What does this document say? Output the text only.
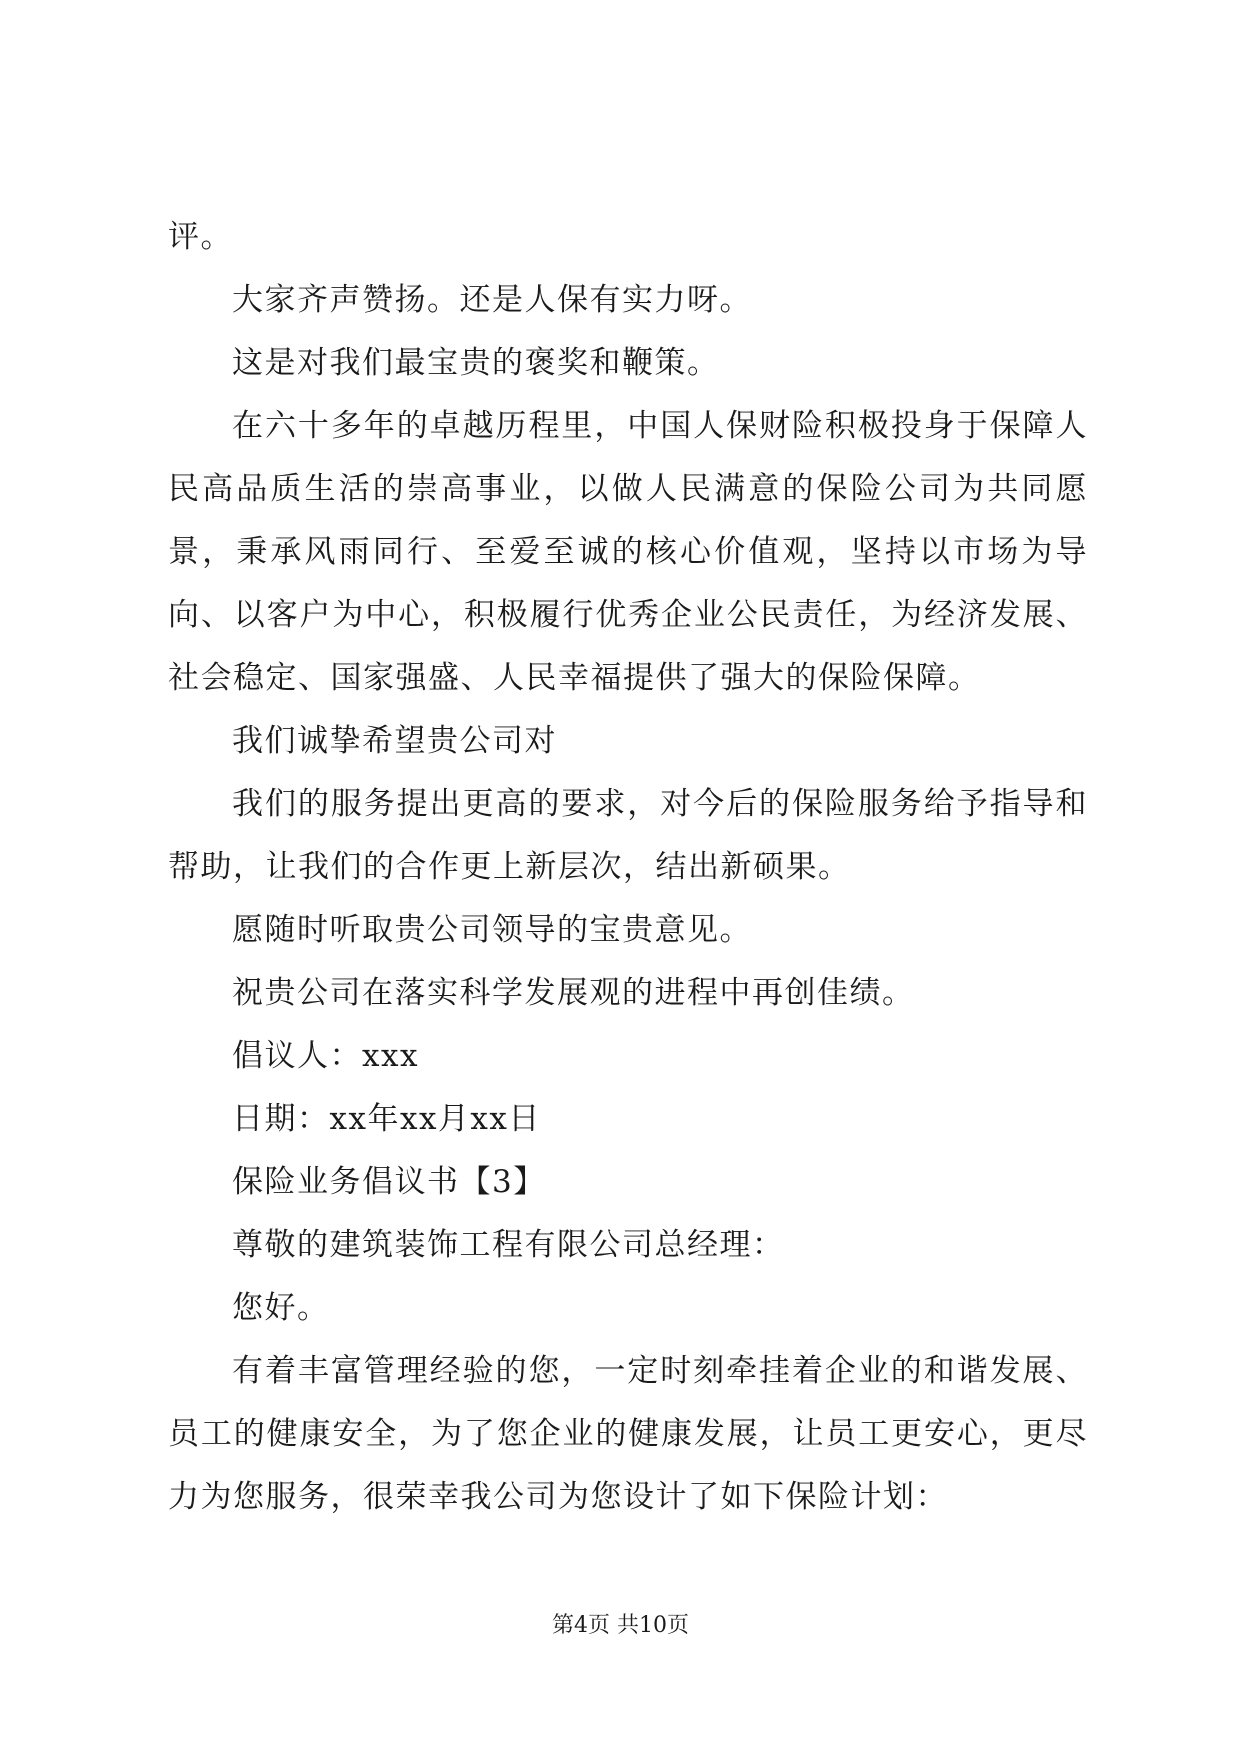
评。

大家齐声赞扬。还是人保有实力呀。

这是对我们最宝贵的褒奖和鞭策。

在六十多年的卓越历程里，中国人保财险积极投身于保障人民高品质生活的崇高事业，以做人民满意的保险公司为共同愿景，秉承风雨同行、至爱至诚的核心价值观，坚持以市场为导向、以客户为中心，积极履行优秀企业公民责任，为经济发展、社会稳定、国家强盛、人民幸福提供了强大的保险保障。

我们诚挚希望贵公司对

我们的服务提出更高的要求，对今后的保险服务给予指导和帮助，让我们的合作更上新层次，结出新硕果。

愿随时听取贵公司领导的宝贵意见。

祝贵公司在落实科学发展观的进程中再创佳绩。

倡议人：xxx

日期：xx年xx月xx日

保险业务倡议书【3】

尊敬的建筑装饰工程有限公司总经理：

您好。

有着丰富管理经验的您，一定时刻牵挂着企业的和谐发展、员工的健康安全，为了您企业的健康发展，让员工更安心，更尽力为您服务，很荣幸我公司为您设计了如下保险计划：

第4页 共10页
